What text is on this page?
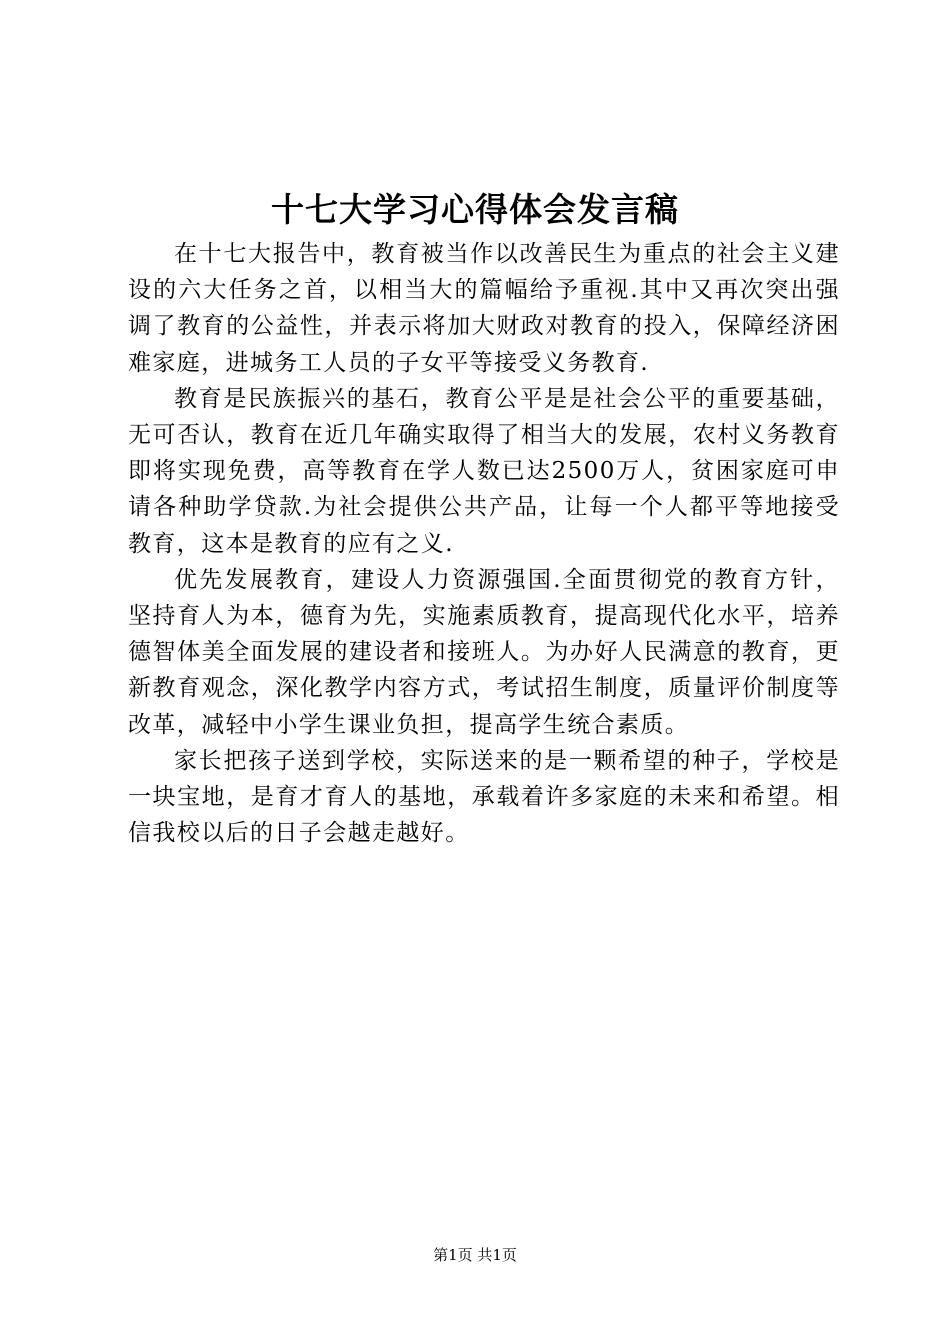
十七大学习心得体会发言稿

在十七大报告中，教育被当作以改善民生为重点的社会主义建设的六大任务之首，以相当大的篇幅给予重视.其中又再次突出强调了教育的公益性，并表示将加大财政对教育的投入，保障经济困难家庭，进城务工人员的子女平等接受义务教育.

教育是民族振兴的基石，教育公平是是社会公平的重要基础，无可否认，教育在近几年确实取得了相当大的发展，农村义务教育即将实现免费，高等教育在学人数已达2500万人，贫困家庭可申请各种助学贷款.为社会提供公共产品，让每一个人都平等地接受教育，这本是教育的应有之义.

优先发展教育，建设人力资源强国.全面贯彻党的教育方针，坚持育人为本，德育为先，实施素质教育，提高现代化水平，培养德智体美全面发展的建设者和接班人。为办好人民满意的教育，更新教育观念，深化教学内容方式，考试招生制度，质量评价制度等改革，减轻中小学生课业负担，提高学生统合素质。

家长把孩子送到学校，实际送来的是一颗希望的种子，学校是一块宝地，是育才育人的基地，承载着许多家庭的未来和希望。相信我校以后的日子会越走越好。

第1页 共1页
